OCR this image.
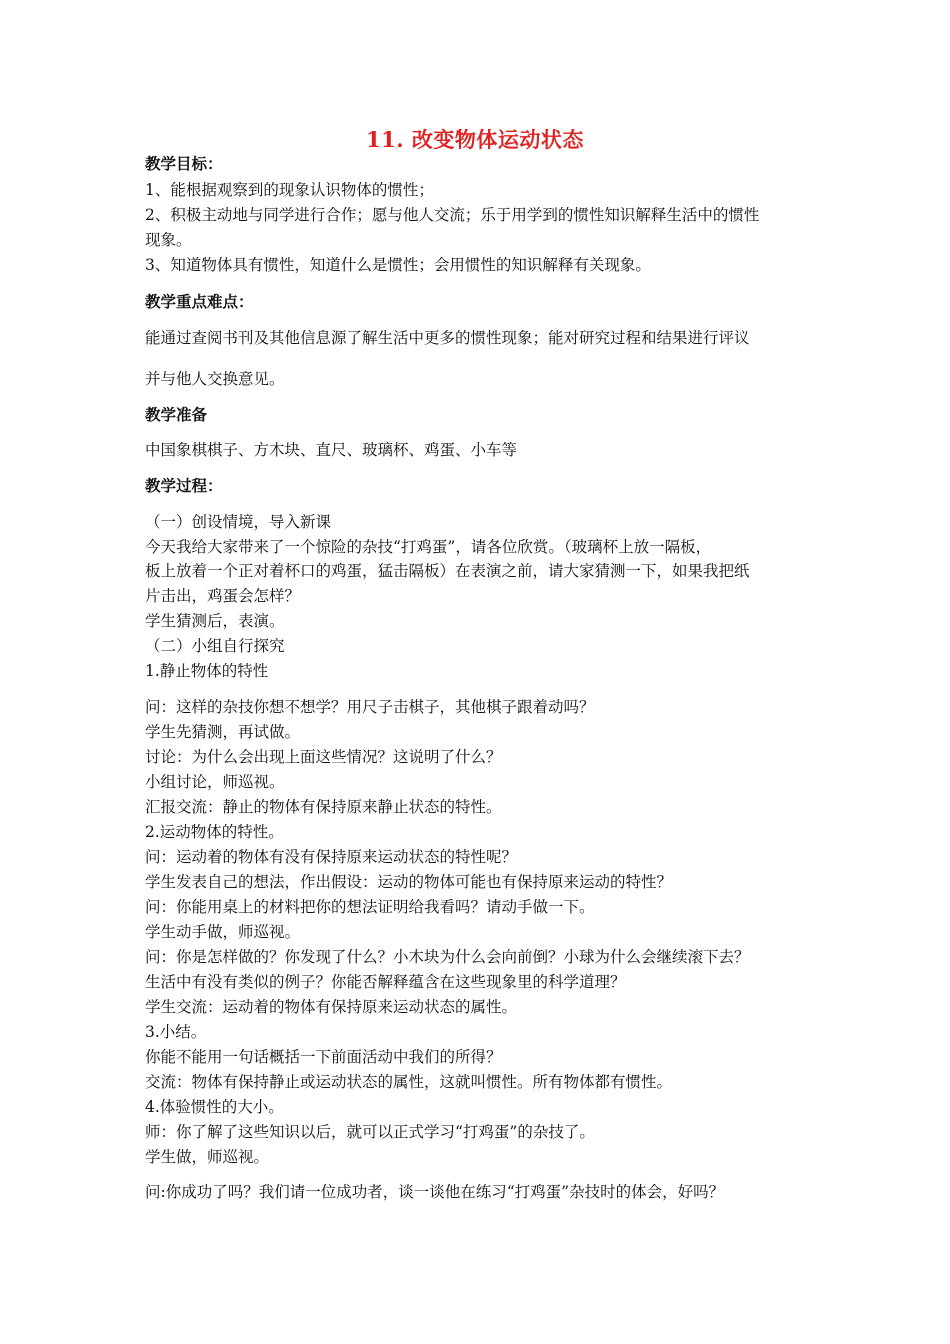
11. 改变物体运动状态
教学目标：
1、能根据观察到的现象认识物体的惯性；
2、积极主动地与同学进行合作；愿与他人交流；乐于用学到的惯性知识解释生活中的惯性
现象。
3、知道物体具有惯性，知道什么是惯性；会用惯性的知识解释有关现象。
教学重点难点：
能通过查阅书刊及其他信息源了解生活中更多的惯性现象；能对研究过程和结果进行评议
并与他人交换意见。
教学准备
中国象棋棋子、方木块、直尺、玻璃杯、鸡蛋、小车等
教学过程：
（一）创设情境，导入新课
今天我给大家带来了一个惊险的杂技“打鸡蛋”，请各位欣赏。（玻璃杯上放一隔板，
板上放着一个正对着杯口的鸡蛋，猛击隔板）在表演之前，请大家猜测一下，如果我把纸
片击出，鸡蛋会怎样？
学生猜测后，表演。
（二）小组自行探究
1.静止物体的特性
问：这样的杂技你想不想学？用尺子击棋子，其他棋子跟着动吗？
学生先猜测，再试做。
讨论：为什么会出现上面这些情况？这说明了什么？
小组讨论，师巡视。
汇报交流：静止的物体有保持原来静止状态的特性。
2.运动物体的特性。
问：运动着的物体有没有保持原来运动状态的特性呢？
学生发表自己的想法，作出假设：运动的物体可能也有保持原来运动的特性？
问：你能用桌上的材料把你的想法证明给我看吗？请动手做一下。
学生动手做，师巡视。
问：你是怎样做的？你发现了什么？小木块为什么会向前倒？小球为什么会继续滚下去？
生活中有没有类似的例子？你能否解释蕴含在这些现象里的科学道理？
学生交流：运动着的物体有保持原来运动状态的属性。
3.小结。
你能不能用一句话概括一下前面活动中我们的所得？
交流：物体有保持静止或运动状态的属性，这就叫惯性。所有物体都有惯性。
4.体验惯性的大小。
师：你了解了这些知识以后，就可以正式学习“打鸡蛋”的杂技了。
学生做，师巡视。
问:你成功了吗？我们请一位成功者，谈一谈他在练习“打鸡蛋”杂技时的体会，好吗？
